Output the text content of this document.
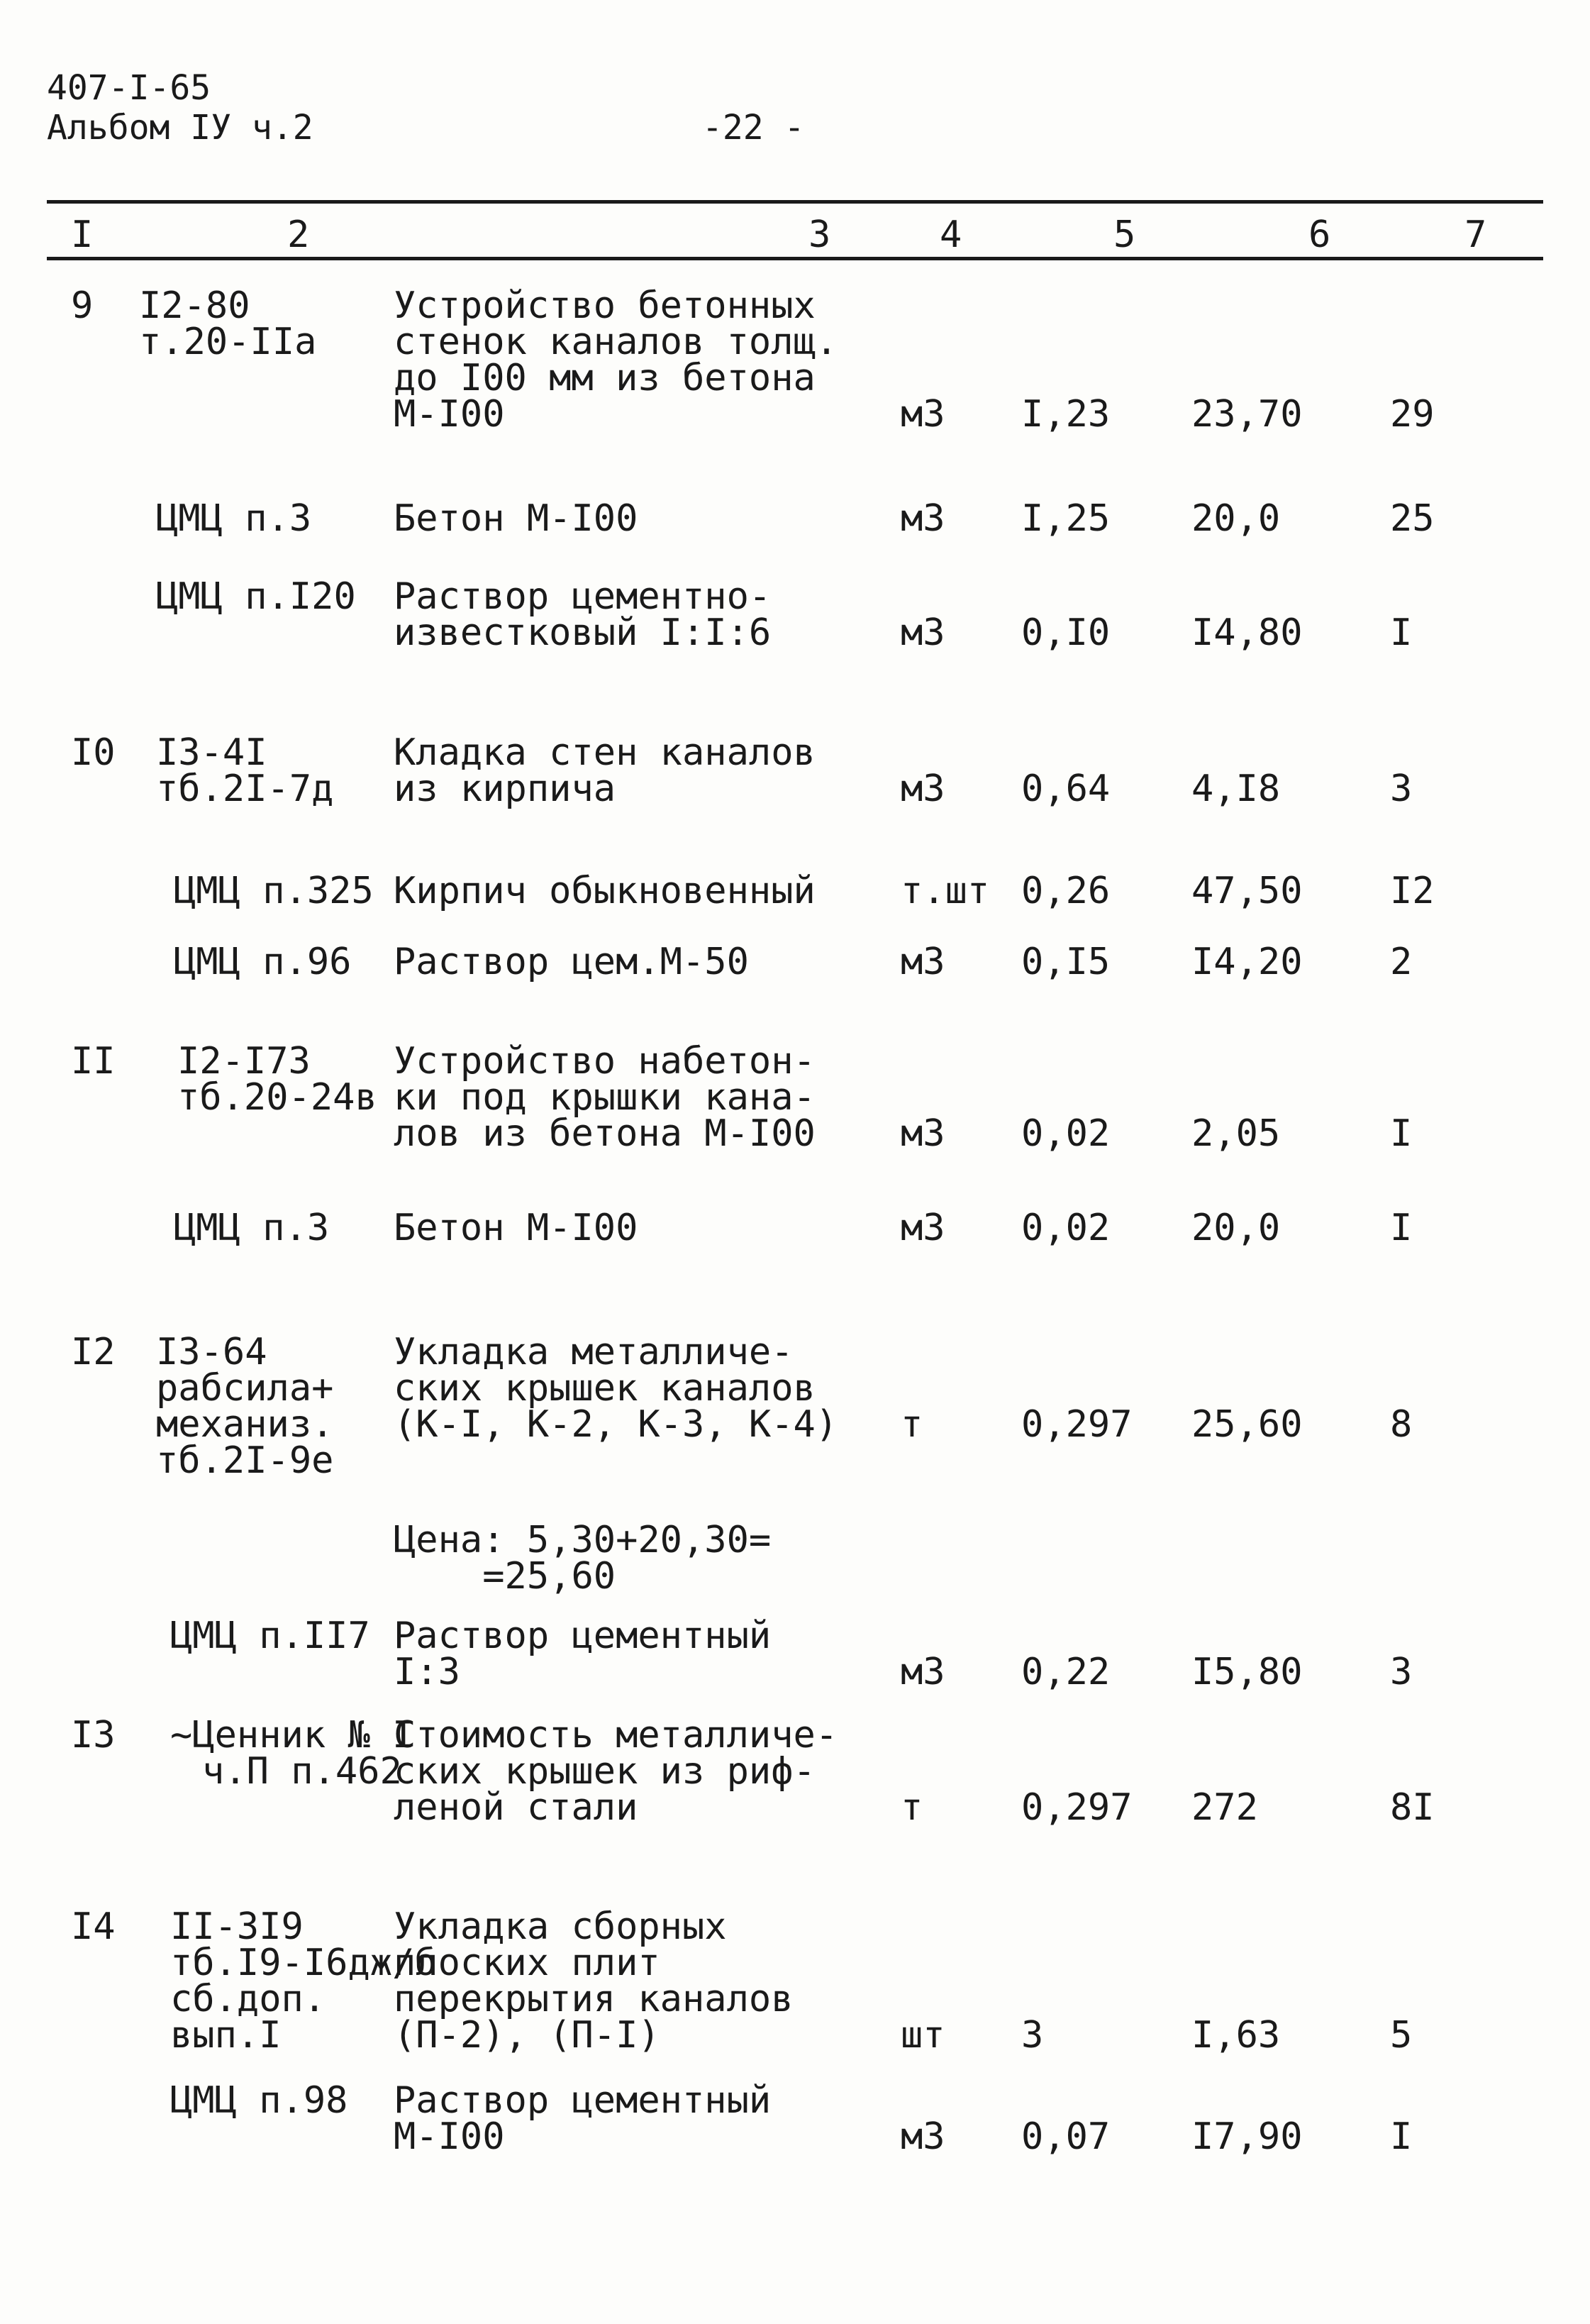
407-I-65
Альбом IУ ч.2	-22 -
I	2	3	4	5	6	7
9 I2-80
т.20-IIa
Устройство бетонных
стенок каналов толщ.
до I00 мм из бетона
М-I00	м3 I,23 23,70 29
ЦМЦ п.3 Бетон М-I00	м3 I,25 20,0	25
ЦМЦ п.I20 Раствор цементно-
известковый I:I:6	м3 0,I0 I4,80 I
I0 I3-4I
тб.2I-7д
Кладка стен каналов
из кирпича	м3 0,64 4,I8	3
ЦМЦ п.325 Кирпич обыкновенный т.шт 0,26 47,50 I2
ЦМЦ п.96 Раствор цем.М-50	м3 0,I5 I4,20 2
II I2-I73
тб.20-24в
Устройство набетон-
ки под крышки кана-
лов из бетона М-I00 м3 0,02 2,05	I
ЦМЦ п.3 Бетон М-I00	м3 0,02 20,0	I
I2 I3-64
рабсила+
механиз.
тб.2I-9е
Укладка металличе-
ских крышек каналов
(К-I, К-2, К-3, К-4) т	0,297 25,60 8
Цена: 5,30+20,30=
=25,60
ЦМЦ п.II7 Раствор цементный
I:3	м3 0,22 I5,80 3
I3 ~Ценник № I
ч.П п.462
Стоимость металличе-
ских крышек из риф-
леной стали	т	0,297 272	8I
I4 II-3I9
тб.I9-I6дж/б
сб.доп.
вып.I
Укладка сборных
плоских плит
перекрытия каналов
(П-2), (П-I)	шт 3	I,63	5
ЦМЦ п.98 Раствор цементный
М-I00	м3 0,07 I7,90 I
